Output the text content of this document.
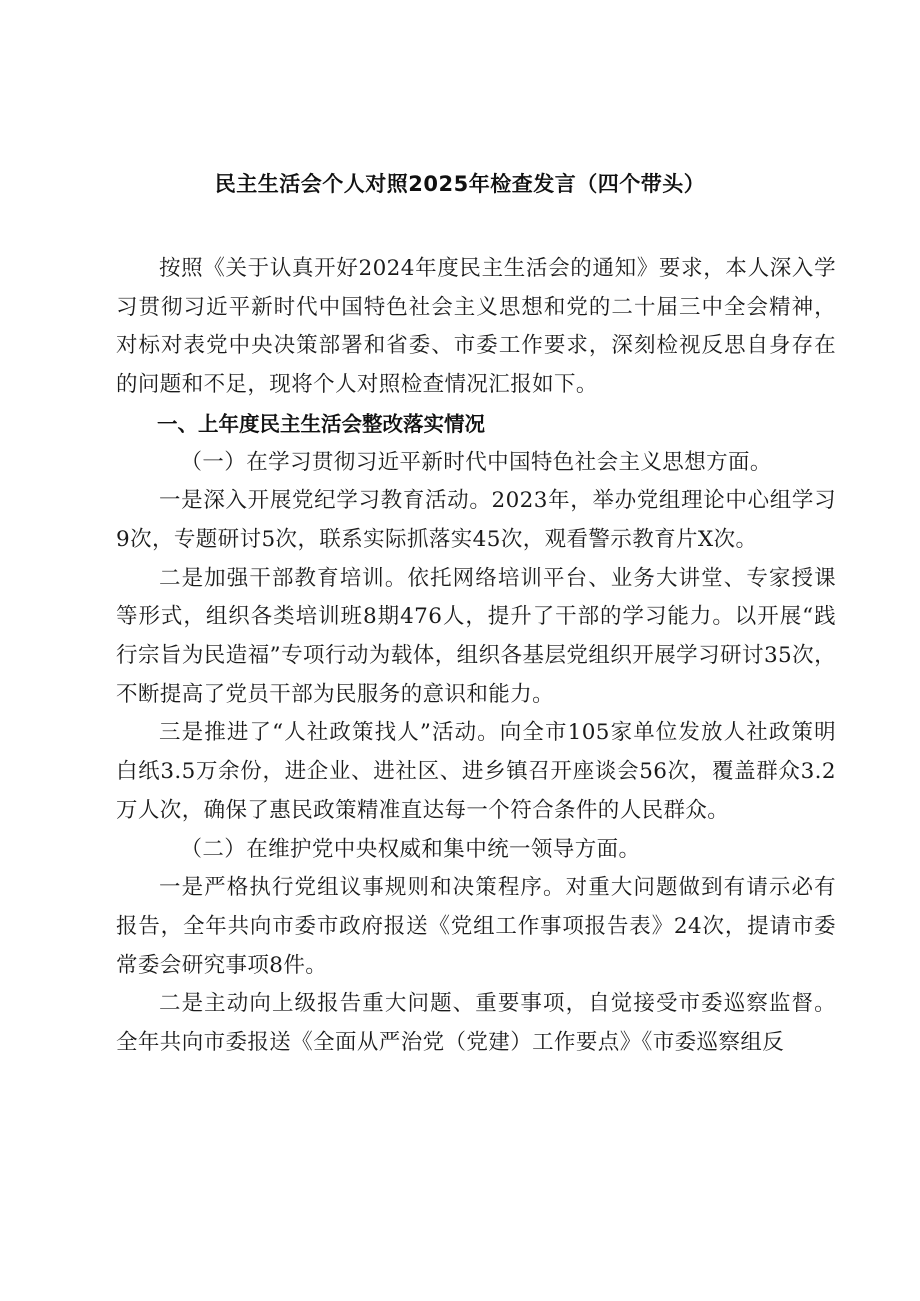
民主生活会个人对照2025年检查发言（四个带头）

按照《关于认真开好2024年度民主生活会的通知》要求，本人深入学习贯彻习近平新时代中国特色社会主义思想和党的二十届三中全会精神，对标对表党中央决策部署和省委、市委工作要求，深刻检视反思自身存在的问题和不足，现将个人对照检查情况汇报如下。

一、上年度民主生活会整改落实情况

（一）在学习贯彻习近平新时代中国特色社会主义思想方面。

一是深入开展党纪学习教育活动。2023年，举办党组理论中心组学习9次，专题研讨5次，联系实际抓落实45次，观看警示教育片X次。

二是加强干部教育培训。依托网络培训平台、业务大讲堂、专家授课等形式，组织各类培训班8期476人，提升了干部的学习能力。以开展“践行宗旨为民造福”专项行动为载体，组织各基层党组织开展学习研讨35次，不断提高了党员干部为民服务的意识和能力。

三是推进了“人社政策找人”活动。向全市105家单位发放人社政策明白纸3.5万余份，进企业、进社区、进乡镇召开座谈会56次，覆盖群众3.2万人次，确保了惠民政策精准直达每一个符合条件的人民群众。

（二）在维护党中央权威和集中统一领导方面。

一是严格执行党组议事规则和决策程序。对重大问题做到有请示必有报告，全年共向市委市政府报送《党组工作事项报告表》24次，提请市委常委会研究事项8件。

二是主动向上级报告重大问题、重要事项，自觉接受市委巡察监督。全年共向市委报送《全面从严治党（党建）工作要点》《市委巡察组反
